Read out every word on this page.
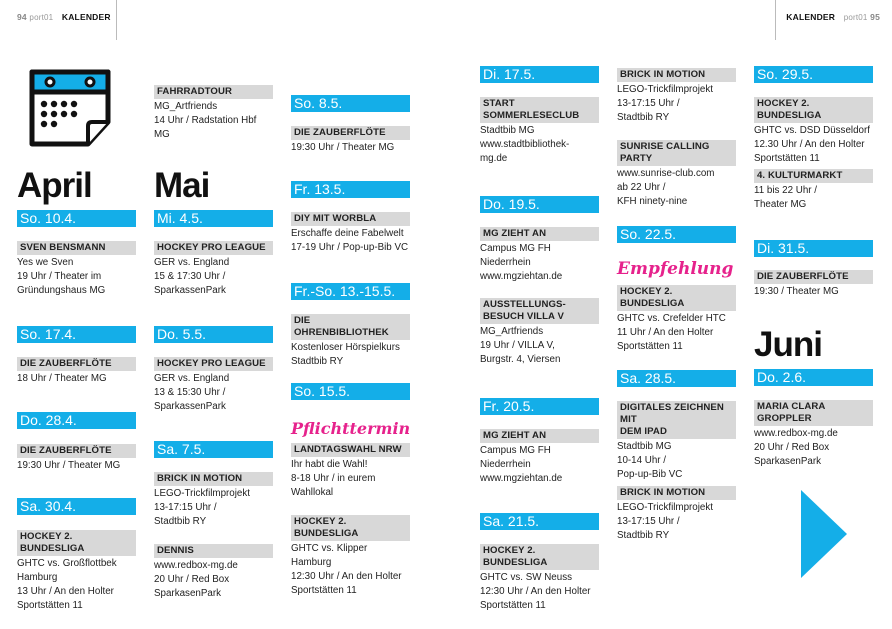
94 port01 KALENDER	KALENDER port01 95
April
So. 10.4.
SVEN BENSMANN
Yes we Sven
19 Uhr / Theater im
Gründungshaus MG
So. 17.4.
DIE ZAUBERFLÖTE
18 Uhr / Theater MG
Do. 28.4.
DIE ZAUBERFLÖTE
19:30 Uhr / Theater MG
Sa. 30.4.
HOCKEY 2. BUNDESLIGA
GHTC vs. Großflottbek
Hamburg
13 Uhr / An den Holter
Sportstätten 11
FAHRRADTOUR
MG_Artfriends
14 Uhr / Radstation Hbf
MG
Mai
Mi. 4.5.
HOCKEY PRO LEAGUE
GER vs. England
15 & 17:30 Uhr /
SparkassenPark
Do. 5.5.
HOCKEY PRO LEAGUE
GER vs. England
13 & 15:30 Uhr /
SparkassenPark
Sa. 7.5.
BRICK IN MOTION
LEGO-Trickfilmprojekt
13-17:15 Uhr /
Stadtbib RY
DENNIS
www.redbox-mg.de
20 Uhr / Red Box
SparkasenPark
So. 8.5.
DIE ZAUBERFLÖTE
19:30 Uhr / Theater MG
Fr. 13.5.
DIY MIT WORBLA
Erschaffe deine Fabelwelt
17-19 Uhr / Pop-up-Bib VC
Fr.-So. 13.-15.5.
DIE OHRENBIBLIOTHEK
Kostenloser Hörspielkurs
Stadtbib RY
So. 15.5.
Pflichttermin
LANDTAGSWAHL NRW
Ihr habt die Wahl!
8-18 Uhr / in eurem
Wahllokal
HOCKEY 2. BUNDESLIGA
GHTC vs. Klipper Hamburg
12:30 Uhr / An den Holter
Sportstätten 11
Di. 17.5.
START
SOMMERLESECLUB
Stadtbib MG
www.stadtbibliothek-
mg.de
Do. 19.5.
MG ZIEHT AN
Campus MG FH
Niederrhein
www.mgziehtan.de
AUSSTELLUNGS-
BESUCH VILLA V
MG_Artfriends
19 Uhr / VILLA V,
Burgstr. 4, Viersen
Fr. 20.5.
MG ZIEHT AN
Campus MG FH
Niederrhein
www.mgziehtan.de
Sa. 21.5.
HOCKEY 2. BUNDESLIGA
GHTC vs. SW Neuss
12:30 Uhr / An den Holter
Sportstätten 11
BRICK IN MOTION
LEGO-Trickfilmprojekt
13-17:15 Uhr /
Stadtbib RY
SUNRISE CALLING PARTY
www.sunrise-club.com
ab 22 Uhr /
KFH ninety-nine
So. 22.5.
Empfehlung
HOCKEY 2. BUNDESLIGA
GHTC vs. Crefelder HTC
11 Uhr / An den Holter
Sportstätten 11
Sa. 28.5.
DIGITALES ZEICHNEN MIT
DEM IPAD
Stadtbib MG
10-14 Uhr /
Pop-up-Bib VC
BRICK IN MOTION
LEGO-Trickfilmprojekt
13-17:15 Uhr /
Stadtbib RY
So. 29.5.
HOCKEY 2. BUNDESLIGA
GHTC vs. DSD Düsseldorf
12.30 Uhr / An den Holter
Sportstätten 11
4. KULTURMARKT
11 bis 22 Uhr /
Theater MG
Di. 31.5.
DIE ZAUBERFLÖTE
19:30 / Theater MG
Juni
Do. 2.6.
MARIA CLARA GROPPLER
www.redbox-mg.de
20 Uhr / Red Box
SparkasenPark
